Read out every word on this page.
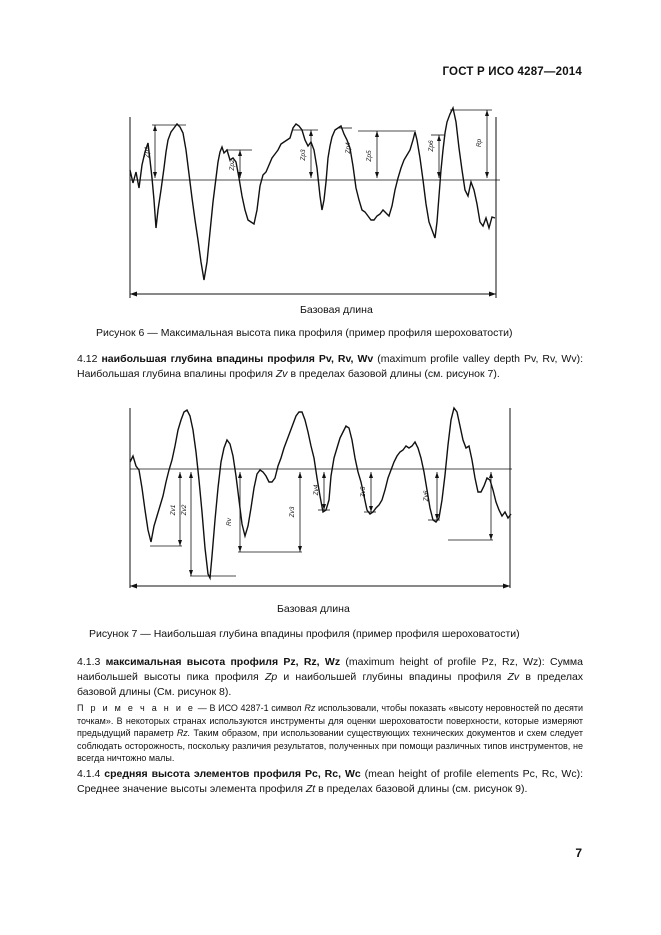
ГОСТ Р ИСО 4287—2014
Zp1
Zp2
Zp3
Zp4
Zp5
Zp6	Rp
Zv1 Zv2
Rv
Zv3
Zv4	Zv5	Zv6
Базовая длина
Рисунок 6 — Максимальная высота пика профиля (пример профиля шероховатости)
4.12 наибольшая глубина впадины профиля Pv, Rv, Wv (maximum profile valley depth Pv, Rv, Wv): Наибольшая глубина впалины профиля Zv в пределах базовой длины (см. рисунок 7).
Базовая длина
Рисунок 7 — Наибольшая глубина впадины профиля (пример профиля шероховатости)
4.1.3 максимальная высота профиля Pz, Rz, Wz (maximum height of profile Pz, Rz, Wz): Сумма наибольшей высоты пика профиля Zp и наибольшей глубины впадины профиля Zv в пределах базовой длины (См. рисунок 8).
П р и м е ч а н и е — В ИСО 4287-1 символ Rz использовали, чтобы показать «высоту неровностей по десяти точкам». В некоторых странах используются инструменты для оценки шероховатости поверхности, которые измеряют предыдущий параметр Rz. Таким образом, при использовании существующих технических документов и схем следует соблюдать осторожность, поскольку различия результатов, полученных при помощи различных типов инструментов, не всегда ничтожно малы.
4.1.4 средняя высота элементов профиля Pc, Rc, Wc (mean height of profile elements Pc, Rc, Wc): Среднее значение высоты элемента профиля Zt в пределах базовой длины (см. рисунок 9).
7
